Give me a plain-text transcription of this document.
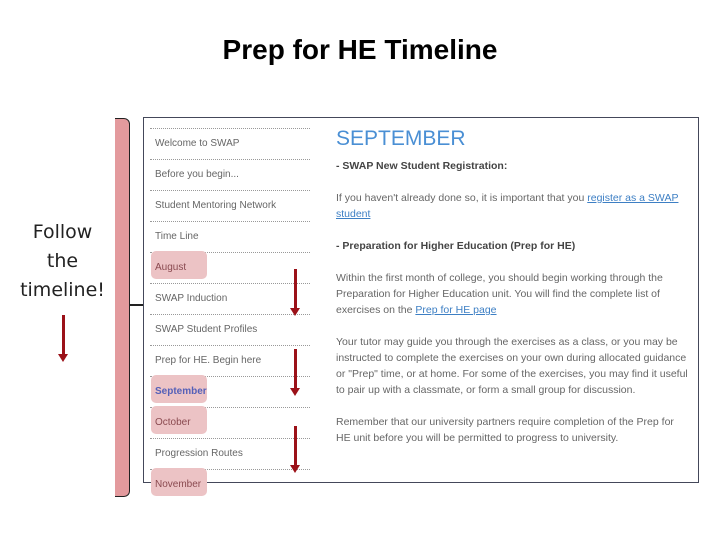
Prep for HE Timeline
Follow
the
timeline!
Welcome to SWAP
Before you begin...
Student Mentoring Network
Time Line
August
SWAP Induction
SWAP Student Profiles
Prep for HE. Begin here
September
October
Progression Routes
November
SEPTEMBER

- SWAP New Student Registration:

If you haven't already done so, it is important that you register as a SWAP student

- Preparation for Higher Education (Prep for HE)

Within the first month of college, you should begin working through the Preparation for Higher Education unit. You will find the complete list of exercises on the Prep for HE page

Your tutor may guide you through the exercises as a class, or you may be instructed to complete the exercises on your own during allocated guidance or "Prep" time, or at home. For some of the exercises, you may find it useful to pair up with a classmate, or form a small group for discussion.

Remember that our university partners require completion of the Prep for HE unit before you will be permitted to progress to university.
